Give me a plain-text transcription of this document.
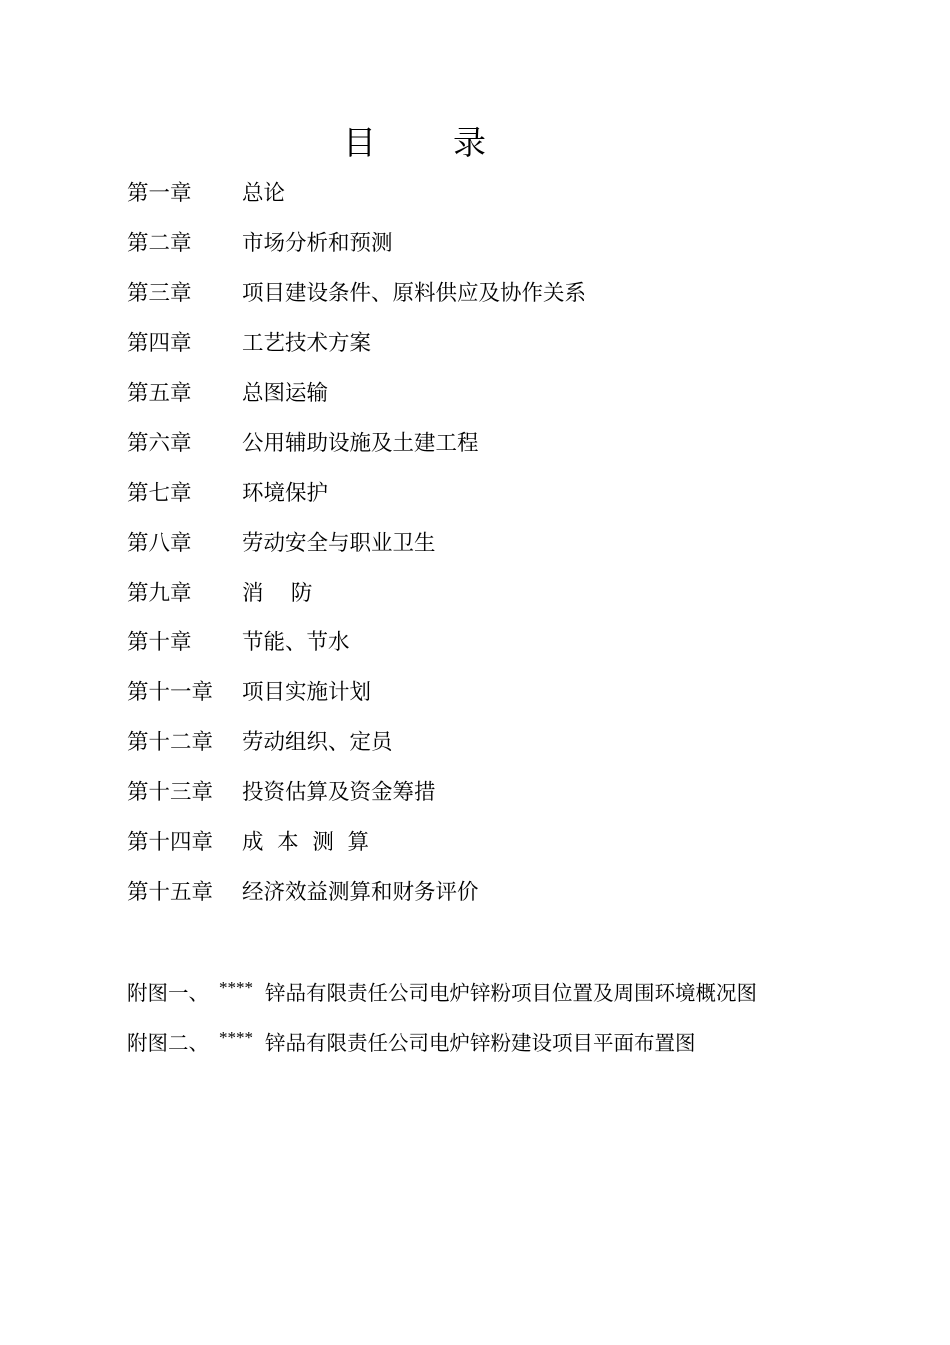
目      录
第一章	总论
第二章	市场分析和预测
第三章	项目建设条件、原料供应及协作关系
第四章	工艺技术方案
第五章	总图运输
第六章	公用辅助设施及土建工程
第七章	环境保护
第八章	劳动安全与职业卫生
第九章	消    防
第十章	节能、节水
第十一章	项目实施计划
第十二章	劳动组织、定员
第十三章	投资估算及资金筹措
第十四章	成  本  测  算
第十五章	经济效益测算和财务评价
附图一、 **** 锌品有限责任公司电炉锌粉项目位置及周围环境概况图
附图二、 **** 锌品有限责任公司电炉锌粉建设项目平面布置图
